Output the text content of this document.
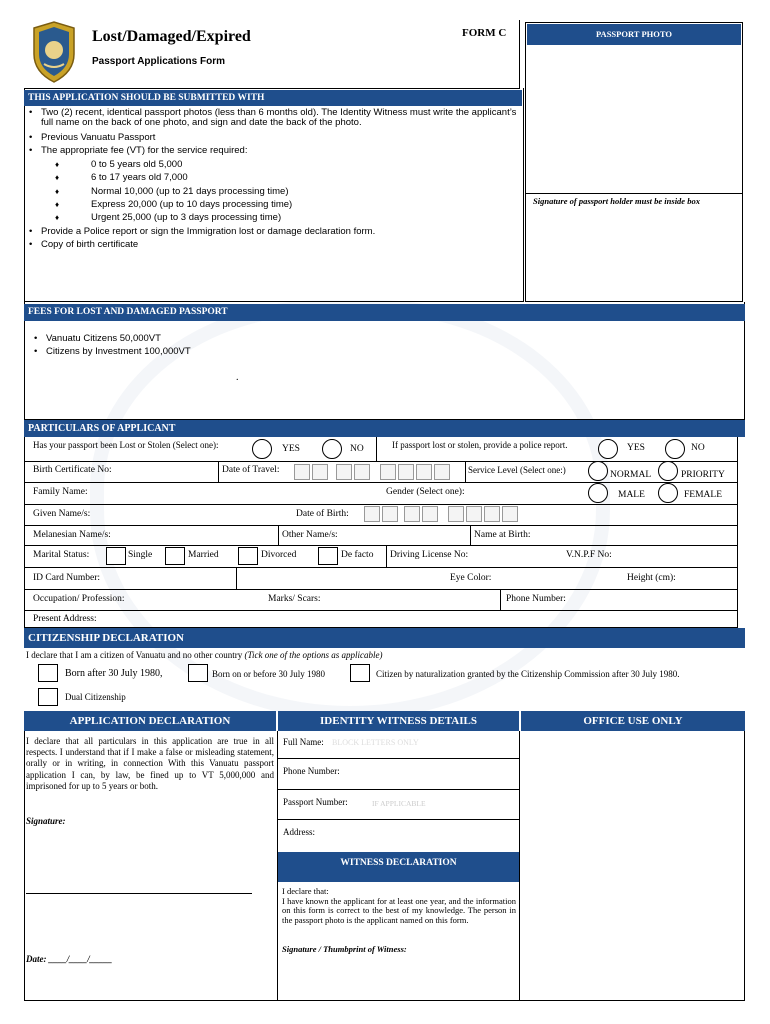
Lost/Damaged/Expired
Passport Applications Form
FORM C	PASSPORT PHOTO
Signature of passport holder must be inside box
THIS APPLICATION SHOULD BE SUBMITTED WITH
• Two (2) recent, identical passport photos (less than 6 months old). The Identity Witness must write the applicant’s full name on the back of one photo, and sign and date the back of the photo.
• Previous Vanuatu Passport
• The appropriate fee (VT) for the service required:
♦ 0 to 5 years old 5,000
♦ 6 to 17 years old 7,000
♦ Normal 10,000 (up to 21 days processing time)
♦ Express 20,000 (up to 10 days processing time)
♦ Urgent 25,000 (up to 3 days processing time)
• Provide a Police report or sign the Immigration lost or damage declaration form.
• Copy of birth certificate
FEES FOR LOST AND DAMAGED PASSPORT
• Vanuatu Citizens 50,000VT
• Citizens by Investment 100,000VT
.
PARTICULARS OF APPLICANT
Has your passport been Lost or Stolen (Select one):	YES	NO	If passport lost or stolen, provide a police report.	YES	NO
Birth Certificate No:	Date of Travel:	Service Level (Select one:)	NORMAL	PRIORITY
Family Name:	Gender (Select one):	MALE	FEMALE
Given Name/s:	Date of Birth:
Melanesian Name/s:	Other Name/s:	Name at Birth:
Marital Status:	Single	Married	Divorced	De facto Driving License No:	V.N.P.F No:
ID Card Number:	Eye Color:	Height (cm):
Occupation/ Profession:	Marks/ Scars:	Phone Number:
Present Address:
CITIZENSHIP DECLARATION
I declare that I am a citizen of Vanuatu and no other country (Tick one of the options as applicable)
Born after 30 July 1980,	Born on or before 30 July 1980	Citizen by naturalization granted by the Citizenship Commission after 30 July 1980.
Dual Citizenship
APPLICATION DECLARATION	IDENTITY WITNESS DETAILS	OFFICE USE ONLY
I declare that all particulars in this application are true in all respects. I understand that if I make a false or misleading statement, orally or in writing, in connection With this Vanuatu passport application I can, by law, be fined up to VT 5,000,000 and imprisoned for up to 5 years or both.
Signature:
Date: ____/____/_____
Full Name: BLOCK LETTERS ONLY
Phone Number:
Passport Number:	IF APPLICABLE
Address:
WITNESS DECLARATION
I declare that:
I have known the applicant for at least one year, and the information on this form is correct to the best of my knowledge. The person in the passport photo is the applicant named on this form.
Signature / Thumbprint of Witness:
